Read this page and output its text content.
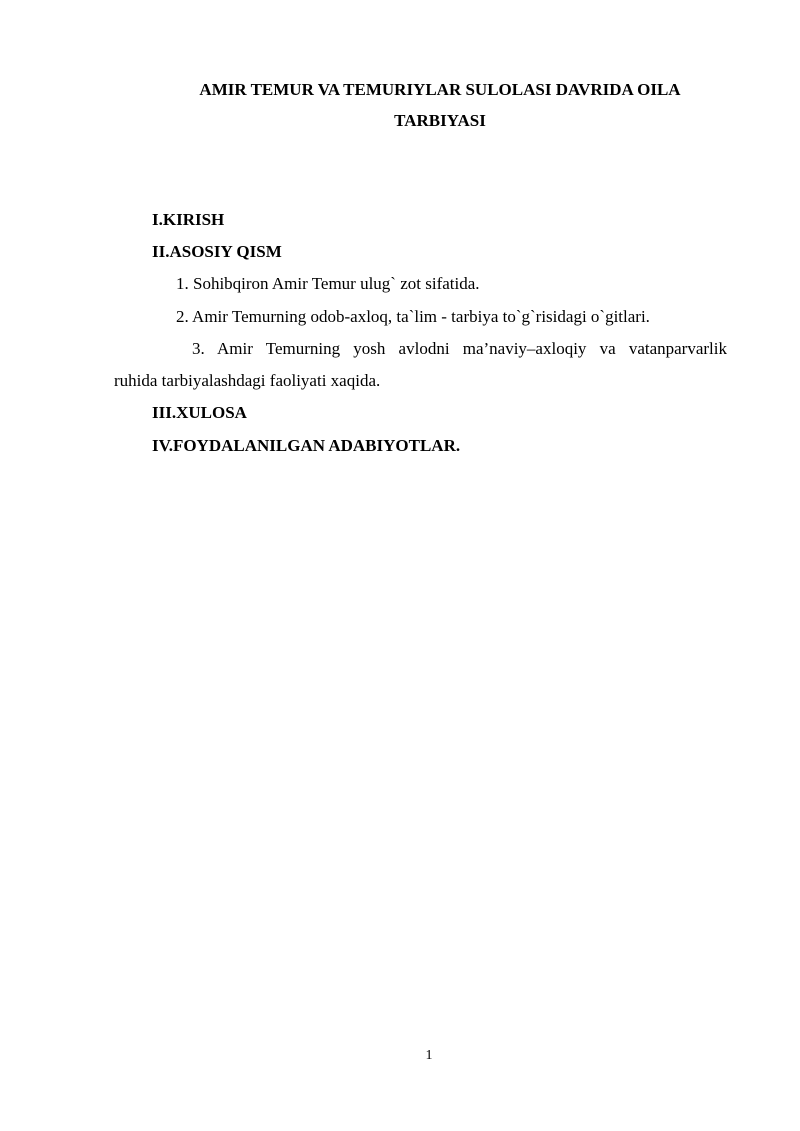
AMIR TEMUR VA TEMURIYLAR SULOLASI DAVRIDA OILA
TARBIYASI
I.KIRISH
II.ASOSIY QISM
1. Sohibqiron Amir Temur ulug` zot sifatida.
2. Amir Temurning odob-axloq, ta`lim - tarbiya to`g`risidagi o`gitlari.
3. Amir Temurning yosh avlodni ma’naviy–axloqiy va vatanparvarlik
ruhida tarbiyalashdagi faoliyati xaqida.
III.XULOSA
IV.FOYDALANILGAN ADABIYOTLAR.
1
